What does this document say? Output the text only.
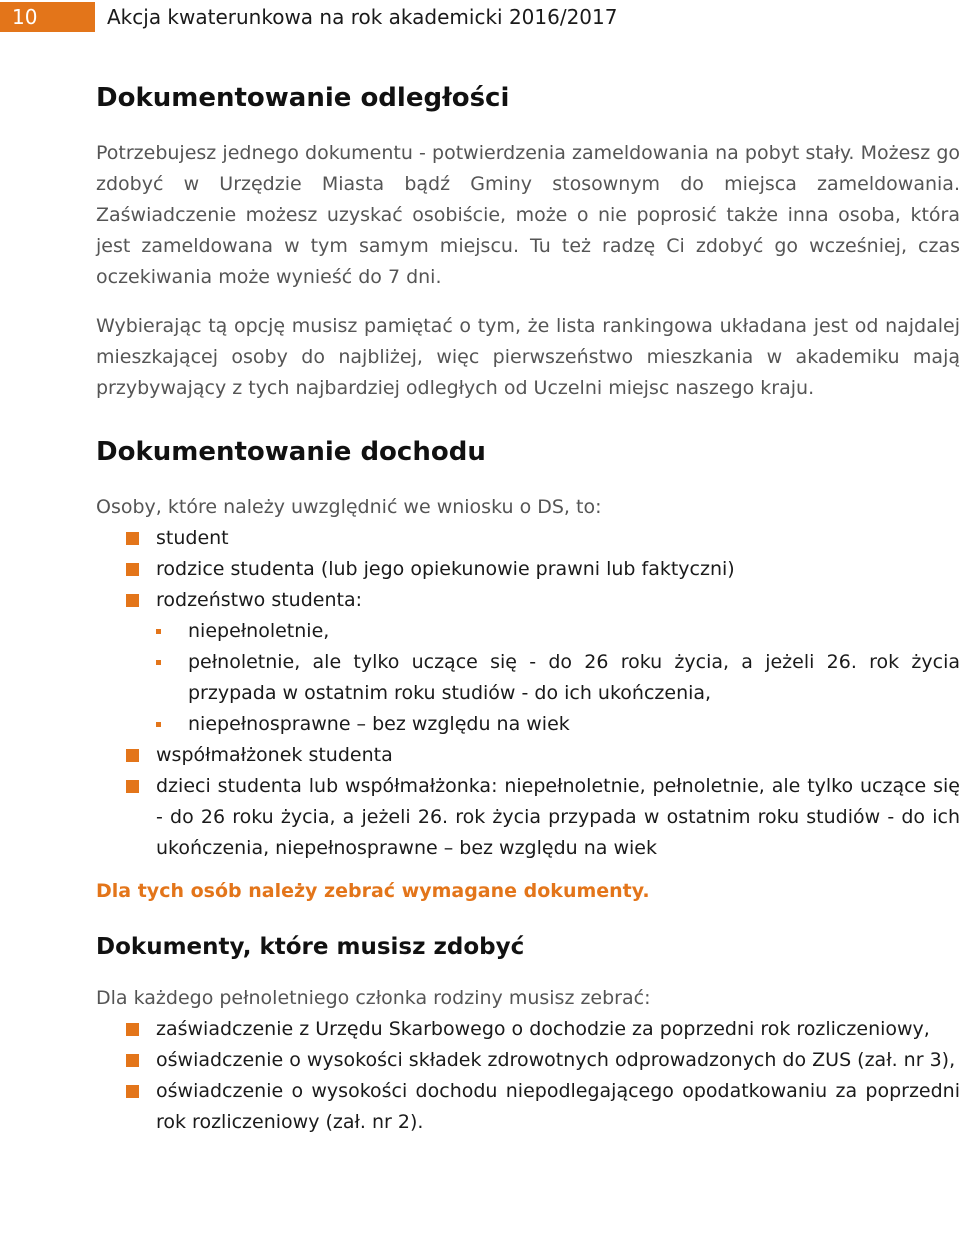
10	Akcja kwaterunkowa na rok akademicki 2016/2017
Dokumentowanie odległości

Potrzebujesz jednego dokumentu - potwierdzenia zameldowania na pobyt stały. Możesz go zdobyć w Urzędzie Miasta bądź Gminy stosownym do miejsca zameldowania. Zaświadczenie możesz uzyskać osobiście, może o nie poprosić także inna osoba, która jest zameldowana w tym samym miejscu. Tu też radzę Ci zdobyć go wcześniej, czas oczekiwania może wynieść do 7 dni.

Wybierając tą opcję musisz pamiętać o tym, że lista rankingowa układana jest od najdalej mieszkającej osoby do najbliżej, więc pierwszeństwo mieszkania w akademiku mają przybywający z tych najbardziej odległych od Uczelni miejsc naszego kraju.

Dokumentowanie dochodu

Osoby, które należy uwzględnić we wniosku o DS, to:

student
rodzice studenta (lub jego opiekunowie prawni lub faktyczni)
rodzeństwo studenta:
niepełnoletnie,
pełnoletnie, ale tylko uczące się - do 26 roku życia, a jeżeli 26. rok życia przypada w ostatnim roku studiów - do ich ukończenia,
niepełnosprawne – bez względu na wiek
współmałżonek studenta
dzieci studenta lub współmałżonka: niepełnoletnie, pełnoletnie, ale tylko uczące się - do 26 roku życia, a jeżeli 26. rok życia przypada w ostatnim roku studiów - do ich ukończenia, niepełnosprawne – bez względu na wiek

Dla tych osób należy zebrać wymagane dokumenty.

Dokumenty, które musisz zdobyć

Dla każdego pełnoletniego członka rodziny musisz zebrać:

zaświadczenie z Urzędu Skarbowego o dochodzie za poprzedni rok rozliczeniowy,
oświadczenie o wysokości składek zdrowotnych odprowadzonych do ZUS (zał. nr 3),
oświadczenie o wysokości dochodu niepodlegającego opodatkowaniu za poprzedni rok rozliczeniowy (zał. nr 2).
